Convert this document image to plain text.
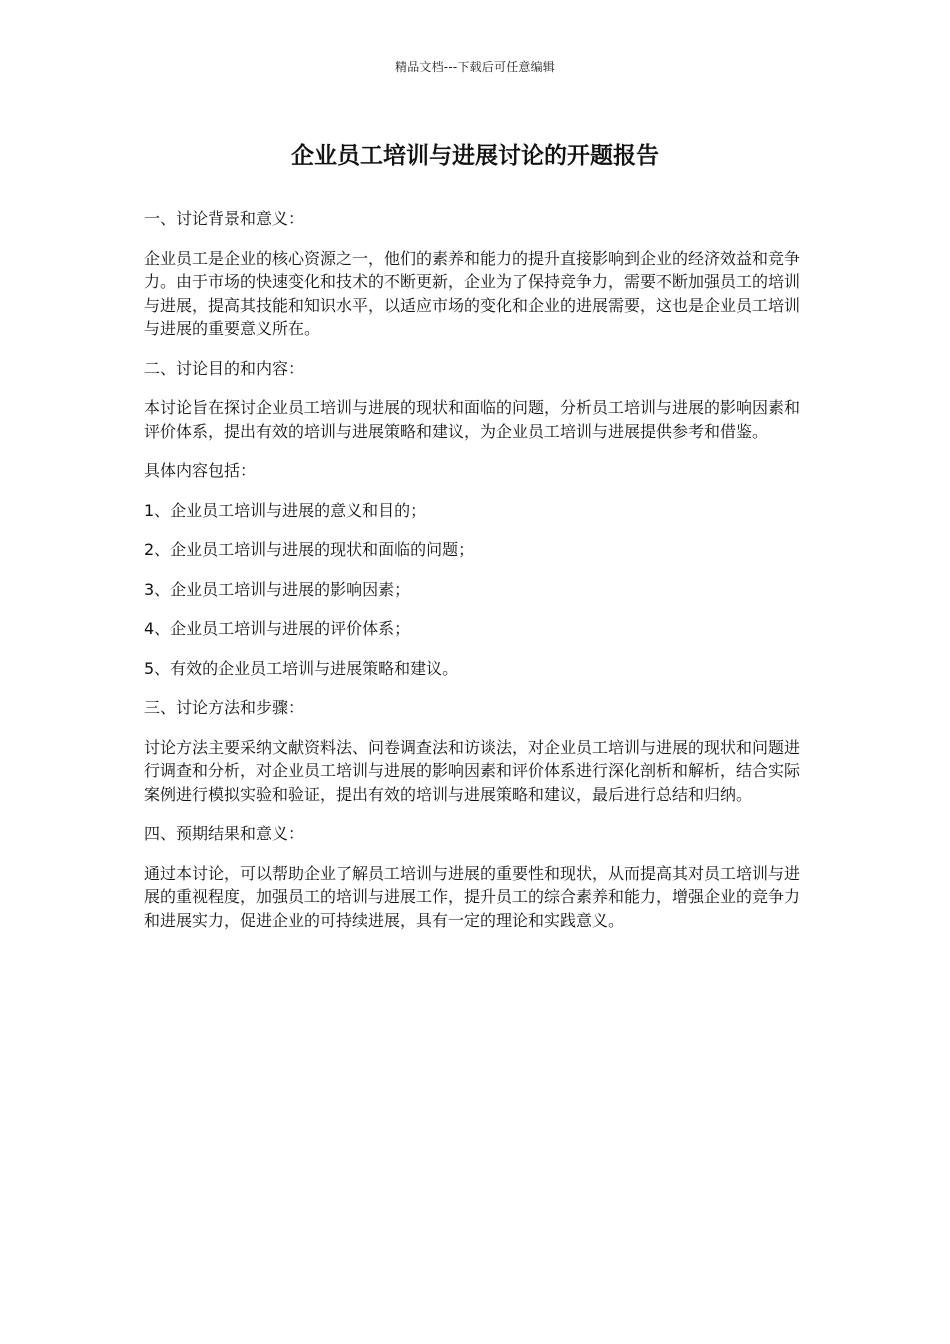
精品文档---下载后可任意编辑
企业员工培训与进展讨论的开题报告

一、讨论背景和意义：

企业员工是企业的核心资源之一，他们的素养和能力的提升直接影响到企业的经济效益和竞争力。由于市场的快速变化和技术的不断更新，企业为了保持竞争力，需要不断加强员工的培训与进展，提高其技能和知识水平，以适应市场的变化和企业的进展需要，这也是企业员工培训与进展的重要意义所在。

二、讨论目的和内容：

本讨论旨在探讨企业员工培训与进展的现状和面临的问题，分析员工培训与进展的影响因素和评价体系，提出有效的培训与进展策略和建议，为企业员工培训与进展提供参考和借鉴。

具体内容包括：

1、企业员工培训与进展的意义和目的；

2、企业员工培训与进展的现状和面临的问题；

3、企业员工培训与进展的影响因素；

4、企业员工培训与进展的评价体系；

5、有效的企业员工培训与进展策略和建议。

三、讨论方法和步骤：

讨论方法主要采纳文献资料法、问卷调查法和访谈法，对企业员工培训与进展的现状和问题进行调查和分析，对企业员工培训与进展的影响因素和评价体系进行深化剖析和解析，结合实际案例进行模拟实验和验证，提出有效的培训与进展策略和建议，最后进行总结和归纳。

四、预期结果和意义：

通过本讨论，可以帮助企业了解员工培训与进展的重要性和现状，从而提高其对员工培训与进展的重视程度，加强员工的培训与进展工作，提升员工的综合素养和能力，增强企业的竞争力和进展实力，促进企业的可持续进展，具有一定的理论和实践意义。
